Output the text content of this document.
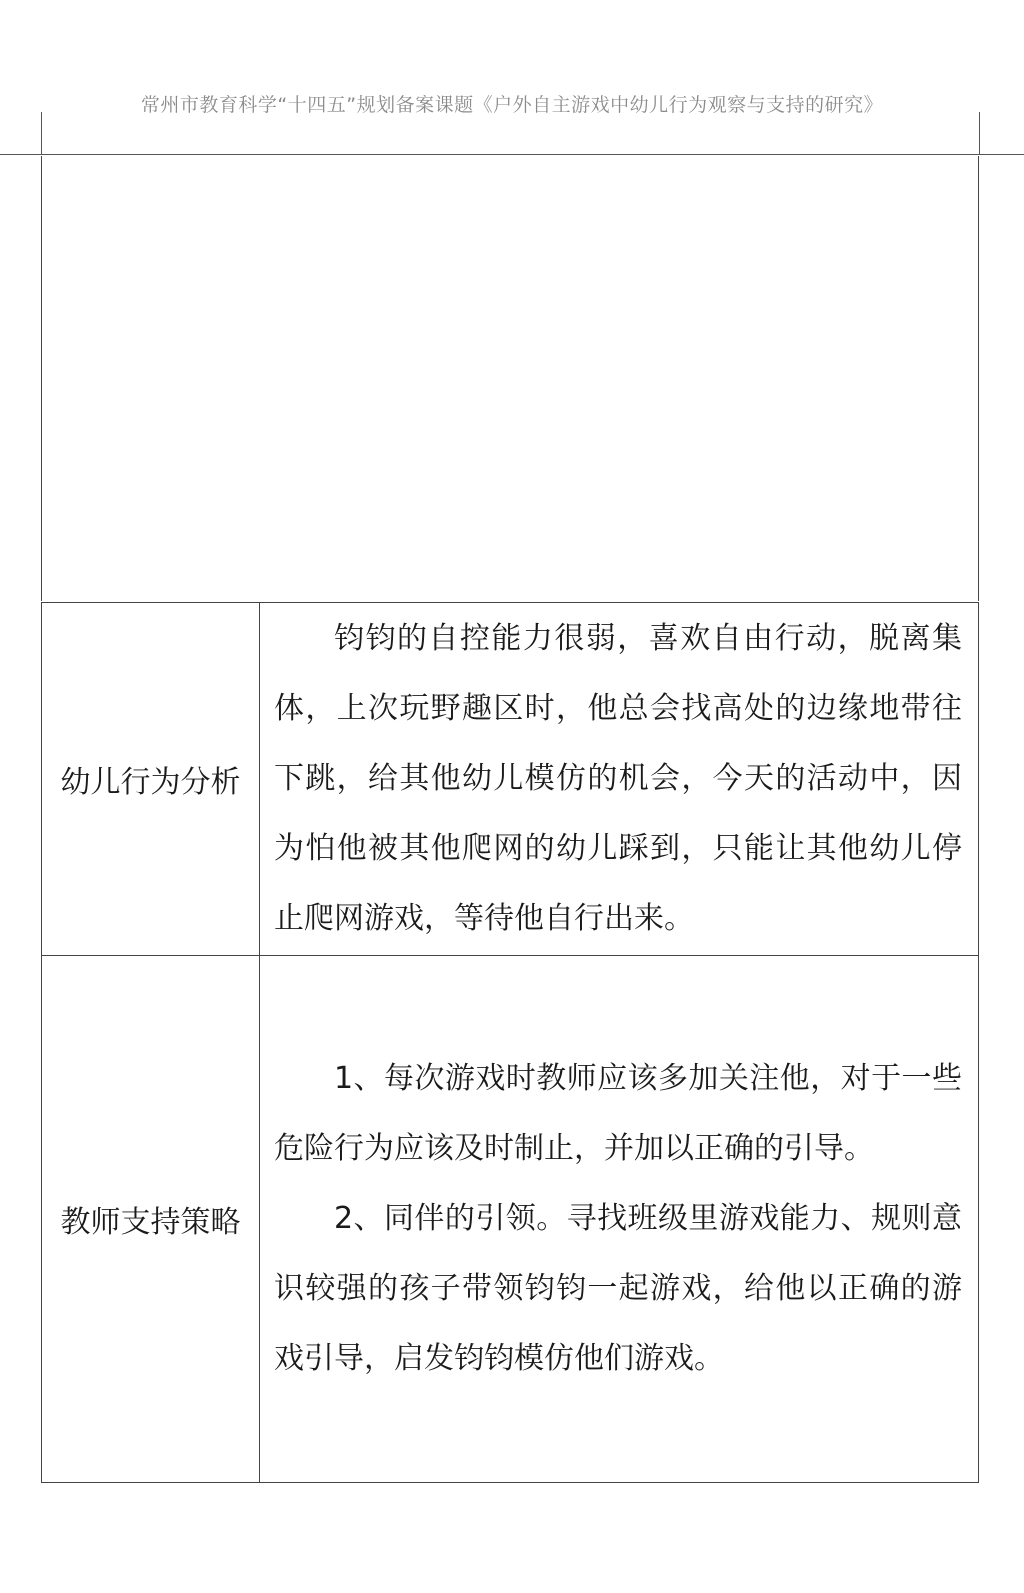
常州市教育科学“十四五”规划备案课题《户外自主游戏中幼儿行为观察与支持的研究》
幼儿行为分析

钧钧的自控能力很弱，喜欢自由行动，脱离集体，上次玩野趣区时，他总会找高处的边缘地带往下跳，给其他幼儿模仿的机会，今天的活动中，因为怕他被其他爬网的幼儿踩到，只能让其他幼儿停止爬网游戏，等待他自行出来。

教师支持策略

1、每次游戏时教师应该多加关注他，对于一些危险行为应该及时制止，并加以正确的引导。

2、同伴的引领。寻找班级里游戏能力、规则意识较强的孩子带领钧钧一起游戏，给他以正确的游戏引导，启发钧钧模仿他们游戏。
